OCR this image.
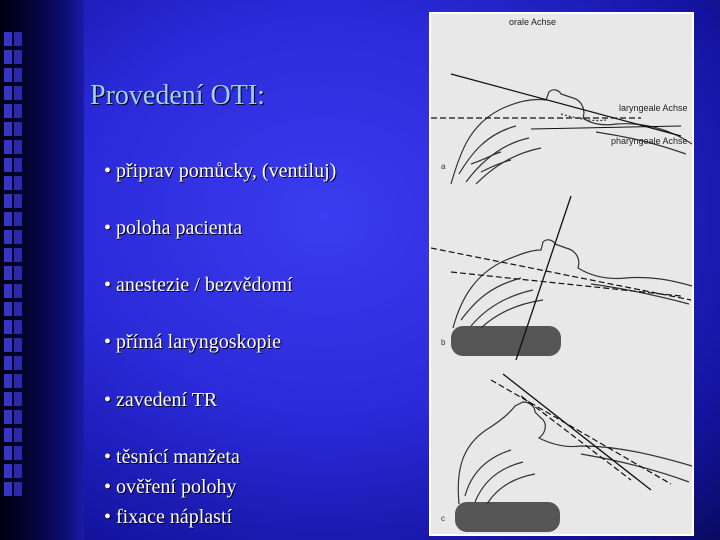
Provedení OTI:
• připrav pomůcky, (ventiluj)
• poloha pacienta
• anestezie / bezvědomí
• přímá laryngoskopie
• zavedení TR
• těsnící manžeta
• ověření polohy
• fixace náplastí
orale Achse
laryngeale Achse
pharyngeale Achse
a
b
c
